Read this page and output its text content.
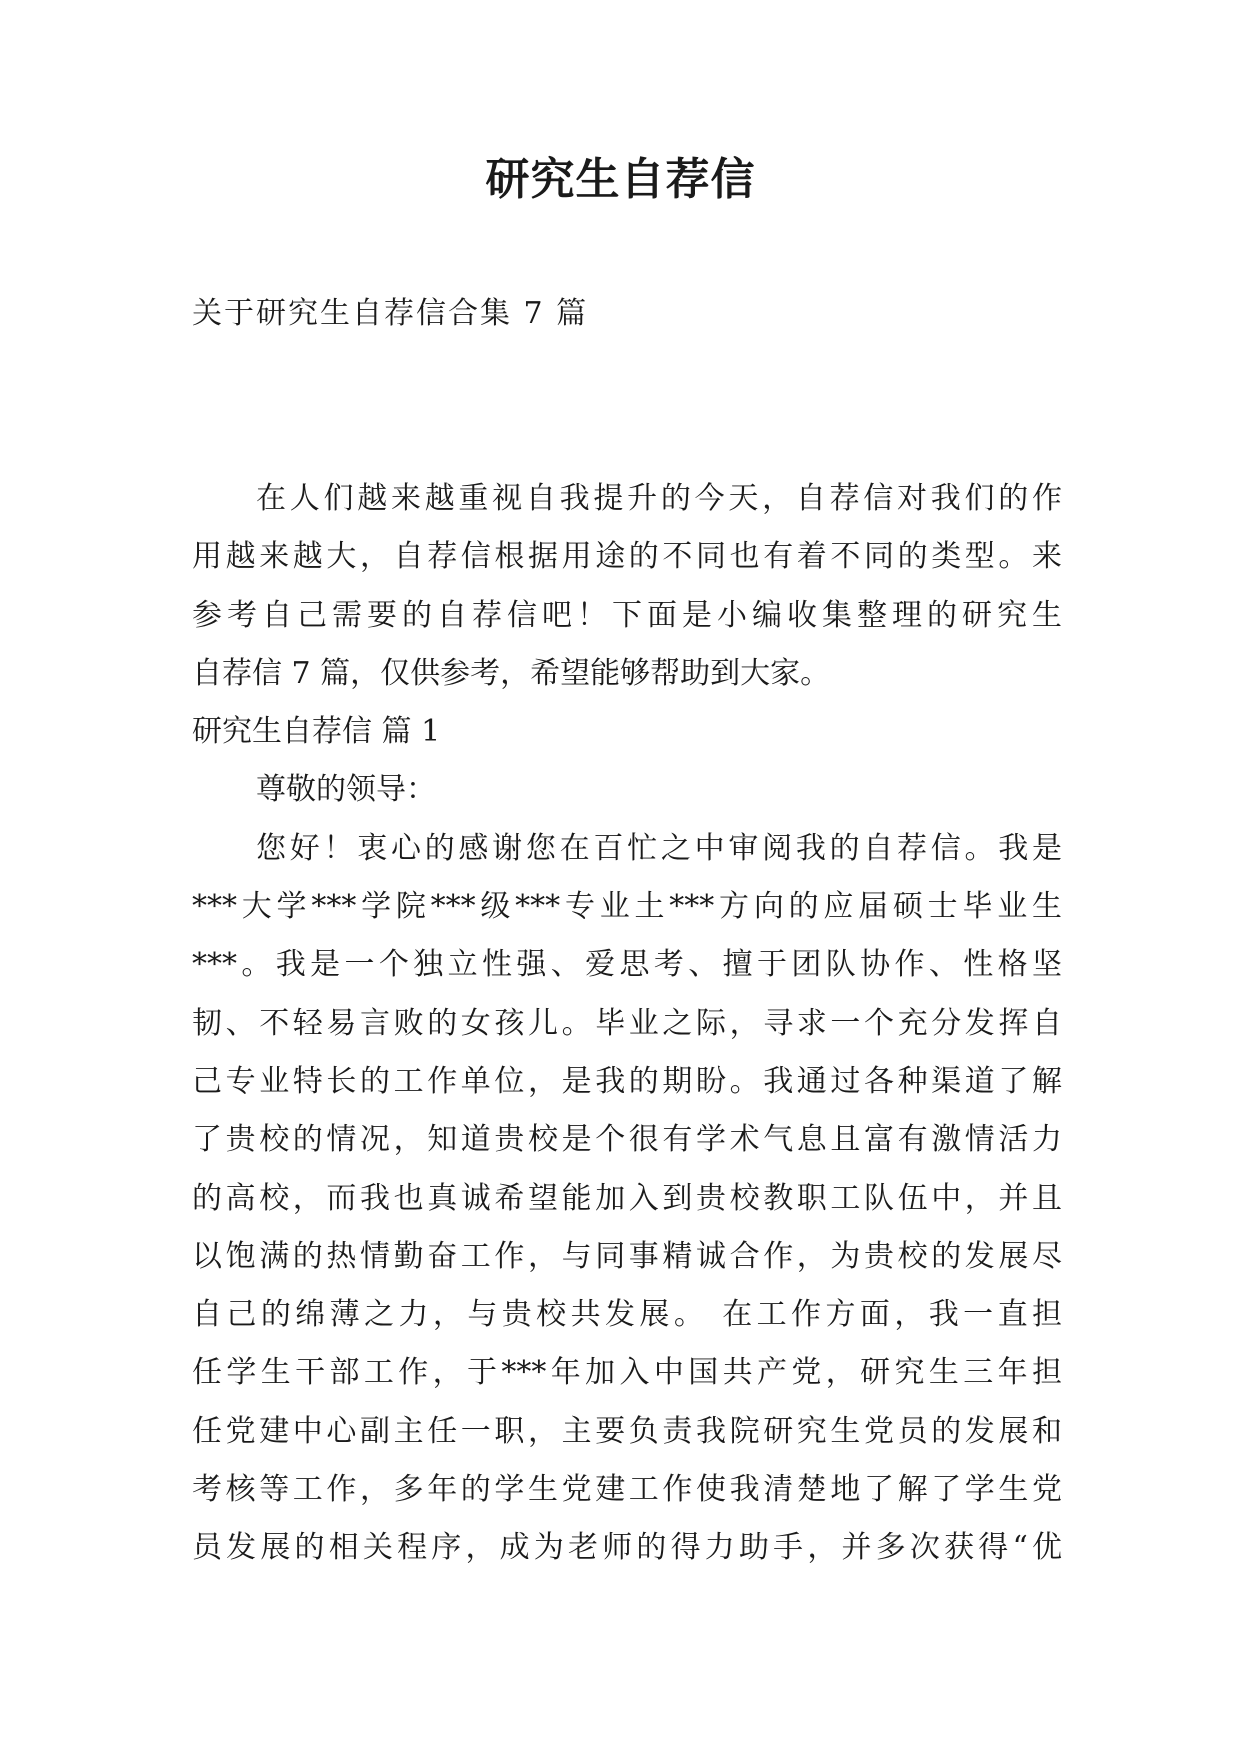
研究生自荐信
关于研究生自荐信合集 7 篇
在人们越来越重视自我提升的今天，自荐信对我们的作
用越来越大，自荐信根据用途的不同也有着不同的类型。来
参考自己需要的自荐信吧！下面是小编收集整理的研究生
自荐信 7 篇，仅供参考，希望能够帮助到大家。
研究生自荐信 篇 1
尊敬的领导：
您好！衷心的感谢您在百忙之中审阅我的自荐信。我是
***大学***学院***级***专业土***方向的应届硕士毕业生
***。我是一个独立性强、爱思考、擅于团队协作、性格坚
韧、不轻易言败的女孩儿。毕业之际，寻求一个充分发挥自
己专业特长的工作单位，是我的期盼。我通过各种渠道了解
了贵校的情况，知道贵校是个很有学术气息且富有激情活力
的高校，而我也真诚希望能加入到贵校教职工队伍中，并且
以饱满的热情勤奋工作，与同事精诚合作，为贵校的发展尽
自己的绵薄之力，与贵校共发展。 在工作方面，我一直担
任学生干部工作，于***年加入中国共产党，研究生三年担
任党建中心副主任一职，主要负责我院研究生党员的发展和
考核等工作，多年的学生党建工作使我清楚地了解了学生党
员发展的相关程序，成为老师的得力助手，并多次获得“优
